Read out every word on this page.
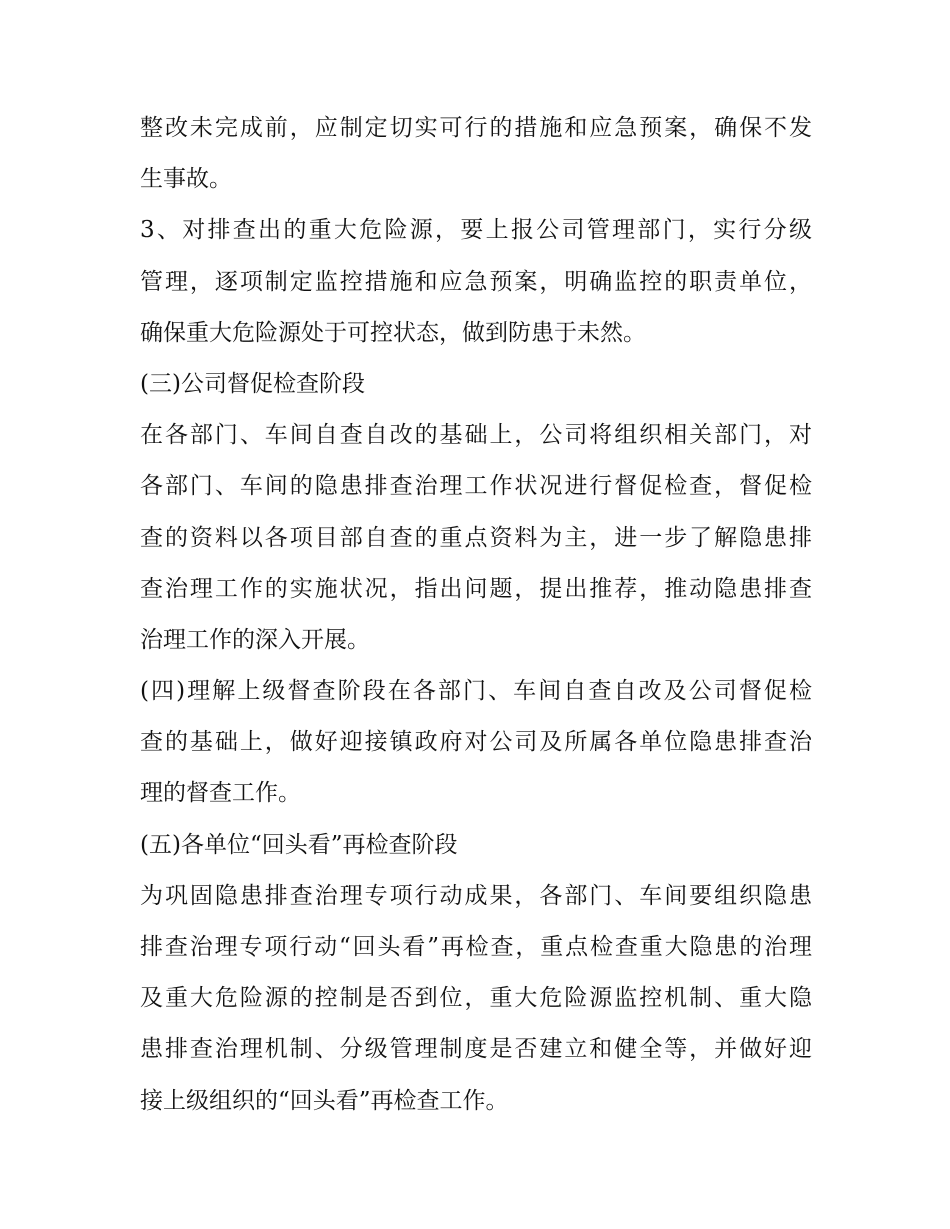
整改未完成前，应制定切实可行的措施和应急预案，确保不发
生事故。
3、对排查出的重大危险源，要上报公司管理部门，实行分级
管理，逐项制定监控措施和应急预案，明确监控的职责单位，
确保重大危险源处于可控状态，做到防患于未然。
(三)公司督促检查阶段
在各部门、车间自查自改的基础上，公司将组织相关部门，对
各部门、车间的隐患排查治理工作状况进行督促检查，督促检
查的资料以各项目部自查的重点资料为主，进一步了解隐患排
查治理工作的实施状况，指出问题，提出推荐，推动隐患排查
治理工作的深入开展。
(四)理解上级督查阶段在各部门、车间自查自改及公司督促检
查的基础上，做好迎接镇政府对公司及所属各单位隐患排查治
理的督查工作。
(五)各单位“回头看”再检查阶段
为巩固隐患排查治理专项行动成果，各部门、车间要组织隐患
排查治理专项行动“回头看”再检查，重点检查重大隐患的治理
及重大危险源的控制是否到位，重大危险源监控机制、重大隐
患排查治理机制、分级管理制度是否建立和健全等，并做好迎
接上级组织的“回头看”再检查工作。
